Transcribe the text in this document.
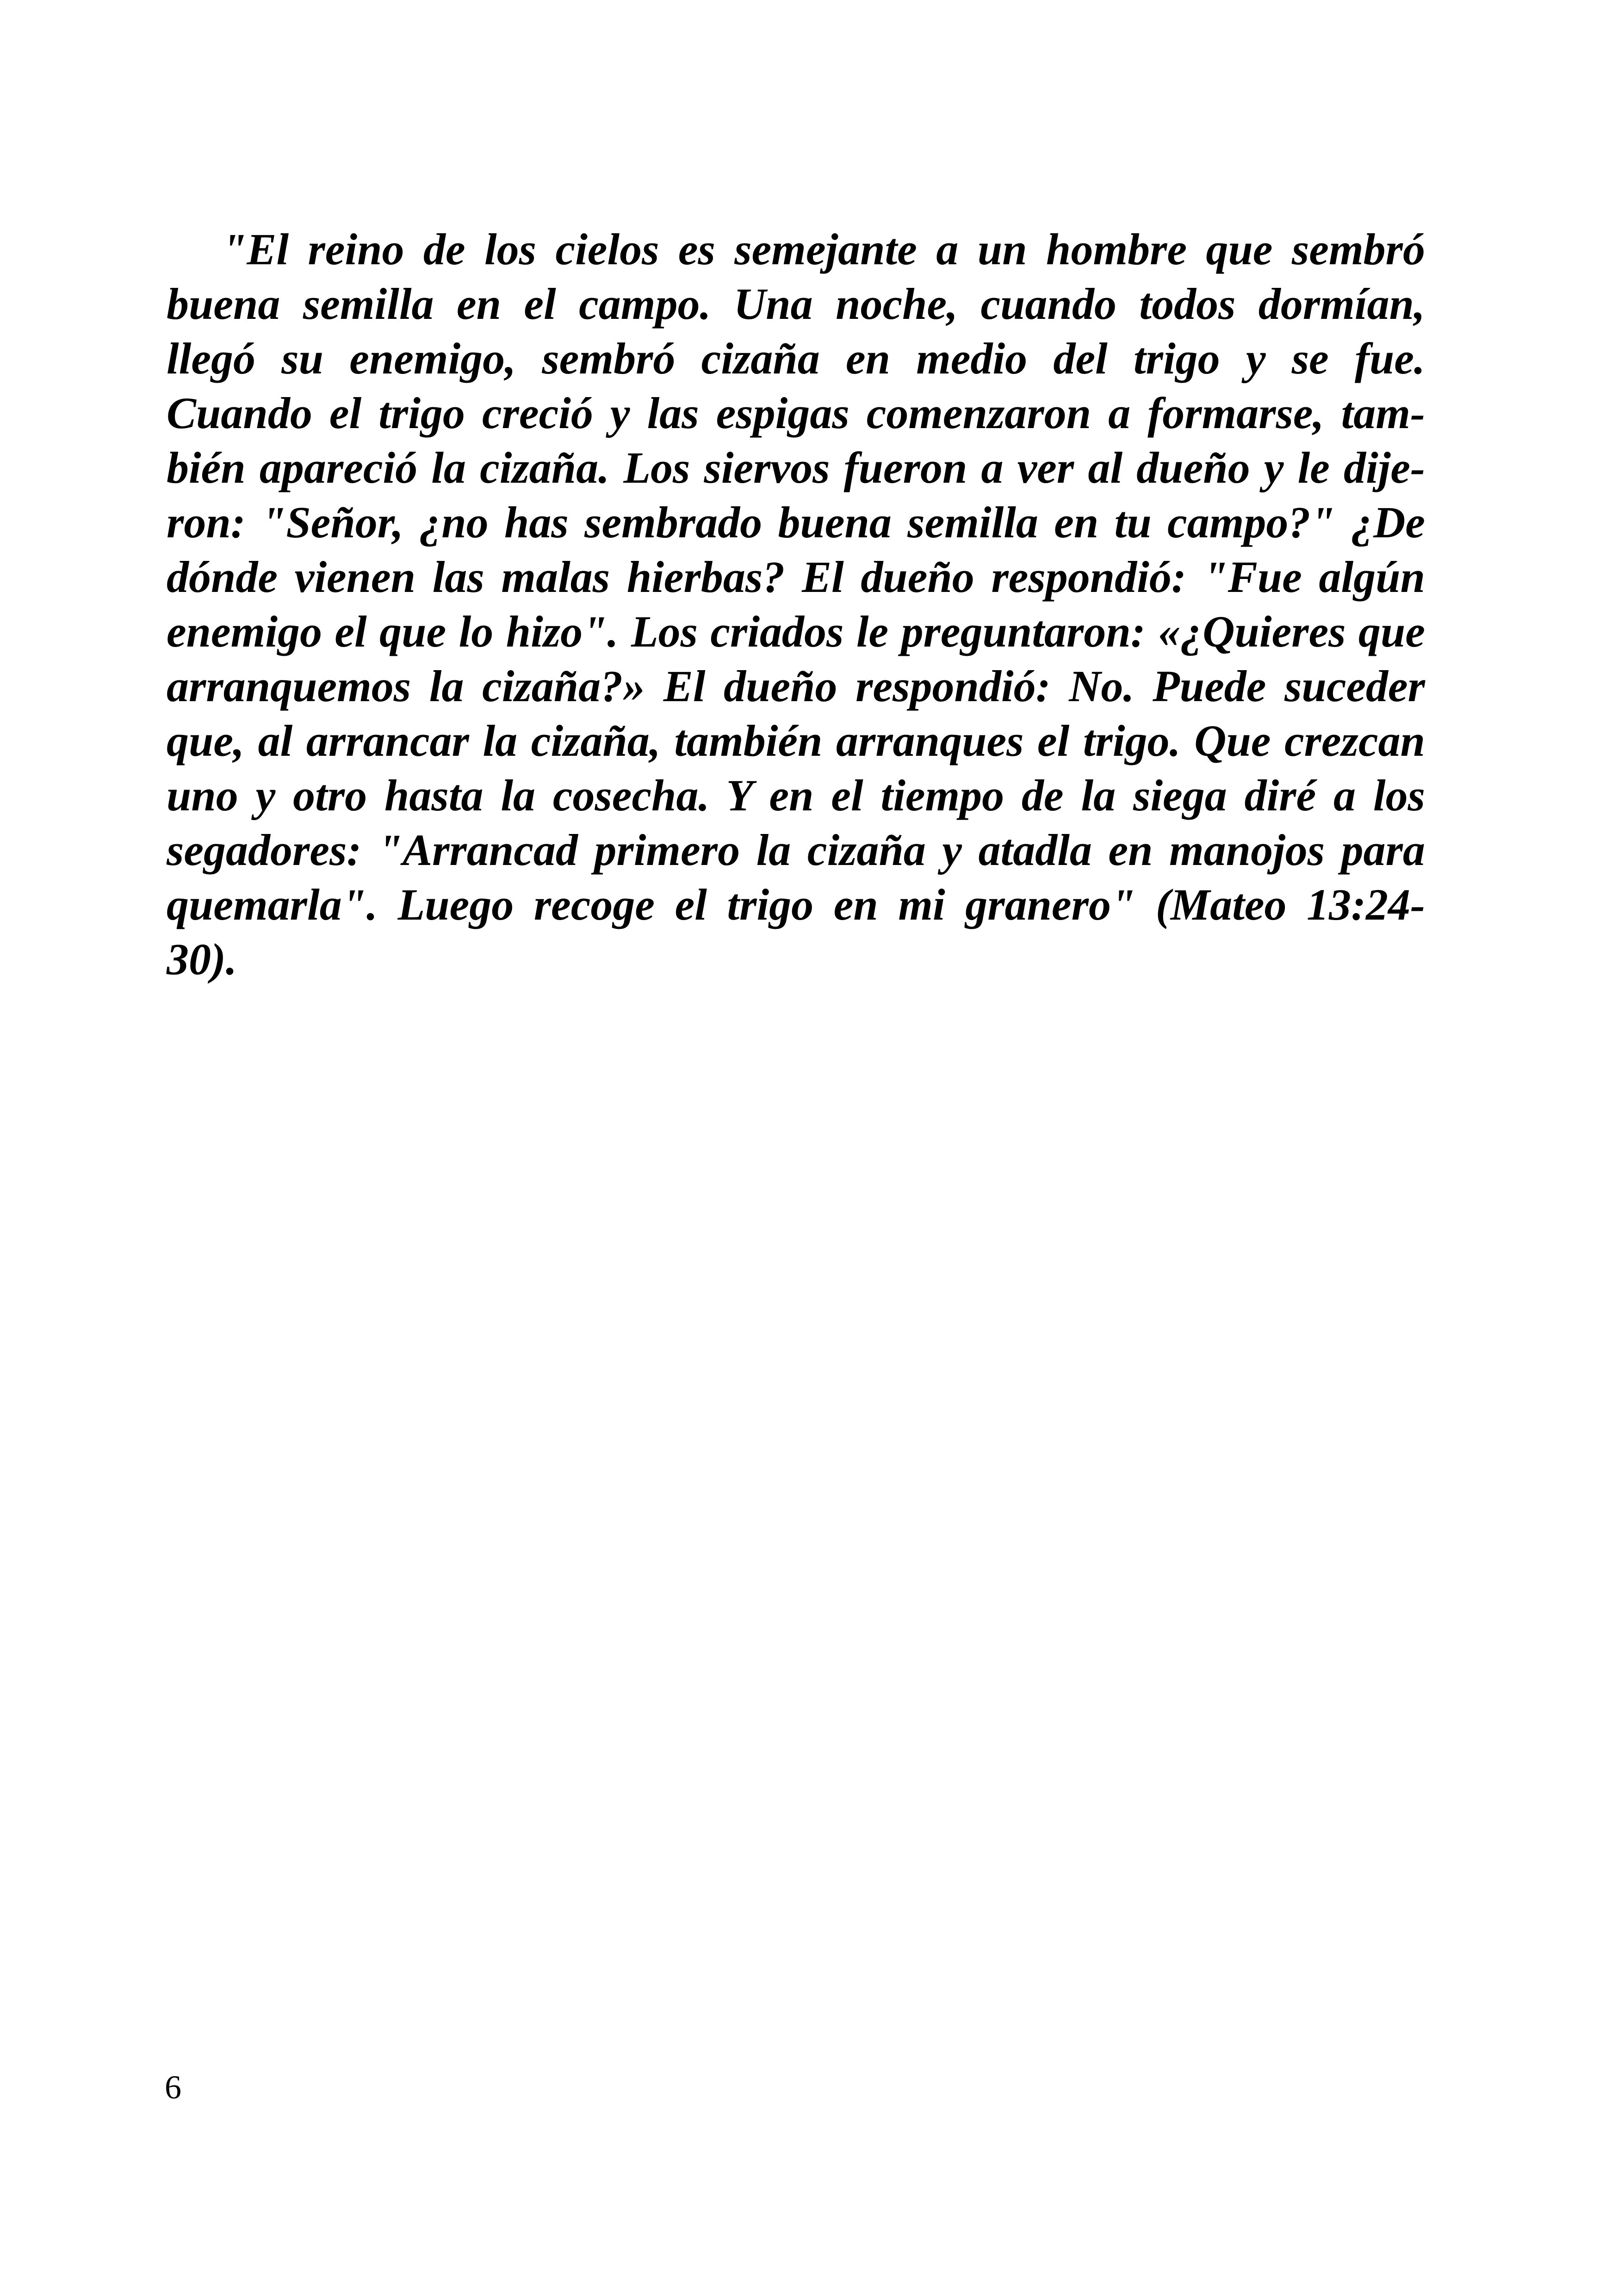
"El reino de los cielos es semejante a un hombre que sembró
buena semilla en el campo. Una noche, cuando todos dormían,
llegó su enemigo, sembró cizaña en medio del trigo y se fue.
Cuando el trigo creció y las espigas comenzaron a formarse, tam-
bién apareció la cizaña. Los siervos fueron a ver al dueño y le dije-
ron: "Señor, ¿no has sembrado buena semilla en tu campo?" ¿De
dónde vienen las malas hierbas? El dueño respondió: "Fue algún
enemigo el que lo hizo". Los criados le preguntaron: «¿Quieres que
arranquemos la cizaña?» El dueño respondió: No. Puede suceder
que, al arrancar la cizaña, también arranques el trigo. Que crezcan
uno y otro hasta la cosecha. Y en el tiempo de la siega diré a los
segadores: "Arrancad primero la cizaña y atadla en manojos para
quemarla". Luego recoge el trigo en mi granero" (Mateo 13:24-
30).
6
